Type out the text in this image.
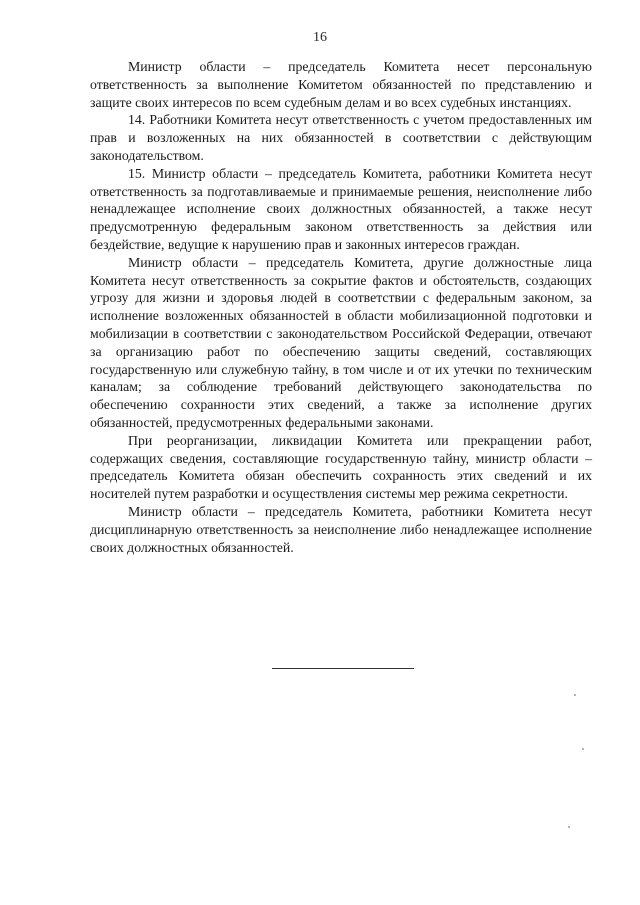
16

Министр области – председатель Комитета несет персональную ответственность за выполнение Комитетом обязанностей по представлению и защите своих интересов по всем судебным делам и во всех судебных инстанциях.

14. Работники Комитета несут ответственность с учетом предоставленных им прав и возложенных на них обязанностей в соответствии с действующим законодательством.

15. Министр области – председатель Комитета, работники Комитета несут ответственность за подготавливаемые и принимаемые решения, неисполнение либо ненадлежащее исполнение своих должностных обязанностей, а также несут предусмотренную федеральным законом ответственность за действия или бездействие, ведущие к нарушению прав и законных интересов граждан.

Министр области – председатель Комитета, другие должностные лица Комитета несут ответственность за сокрытие фактов и обстоятельств, создающих угрозу для жизни и здоровья людей в соответствии с федеральным законом, за исполнение возложенных обязанностей в области мобилизационной подготовки и мобилизации в соответствии с законодательством Российской Федерации, отвечают за организацию работ по обеспечению защиты сведений, составляющих государственную или служебную тайну, в том числе и от их утечки по техническим каналам; за соблюдение требований действующего законодательства по обеспечению сохранности этих сведений, а также за исполнение других обязанностей, предусмотренных федеральными законами.

При реорганизации, ликвидации Комитета или прекращении работ, содержащих сведения, составляющие государственную тайну, министр области – председатель Комитета обязан обеспечить сохранность этих сведений и их носителей путем разработки и осуществления системы мер режима секретности.

Министр области – председатель Комитета, работники Комитета несут дисциплинарную ответственность за неисполнение либо ненадлежащее исполнение своих должностных обязанностей.
